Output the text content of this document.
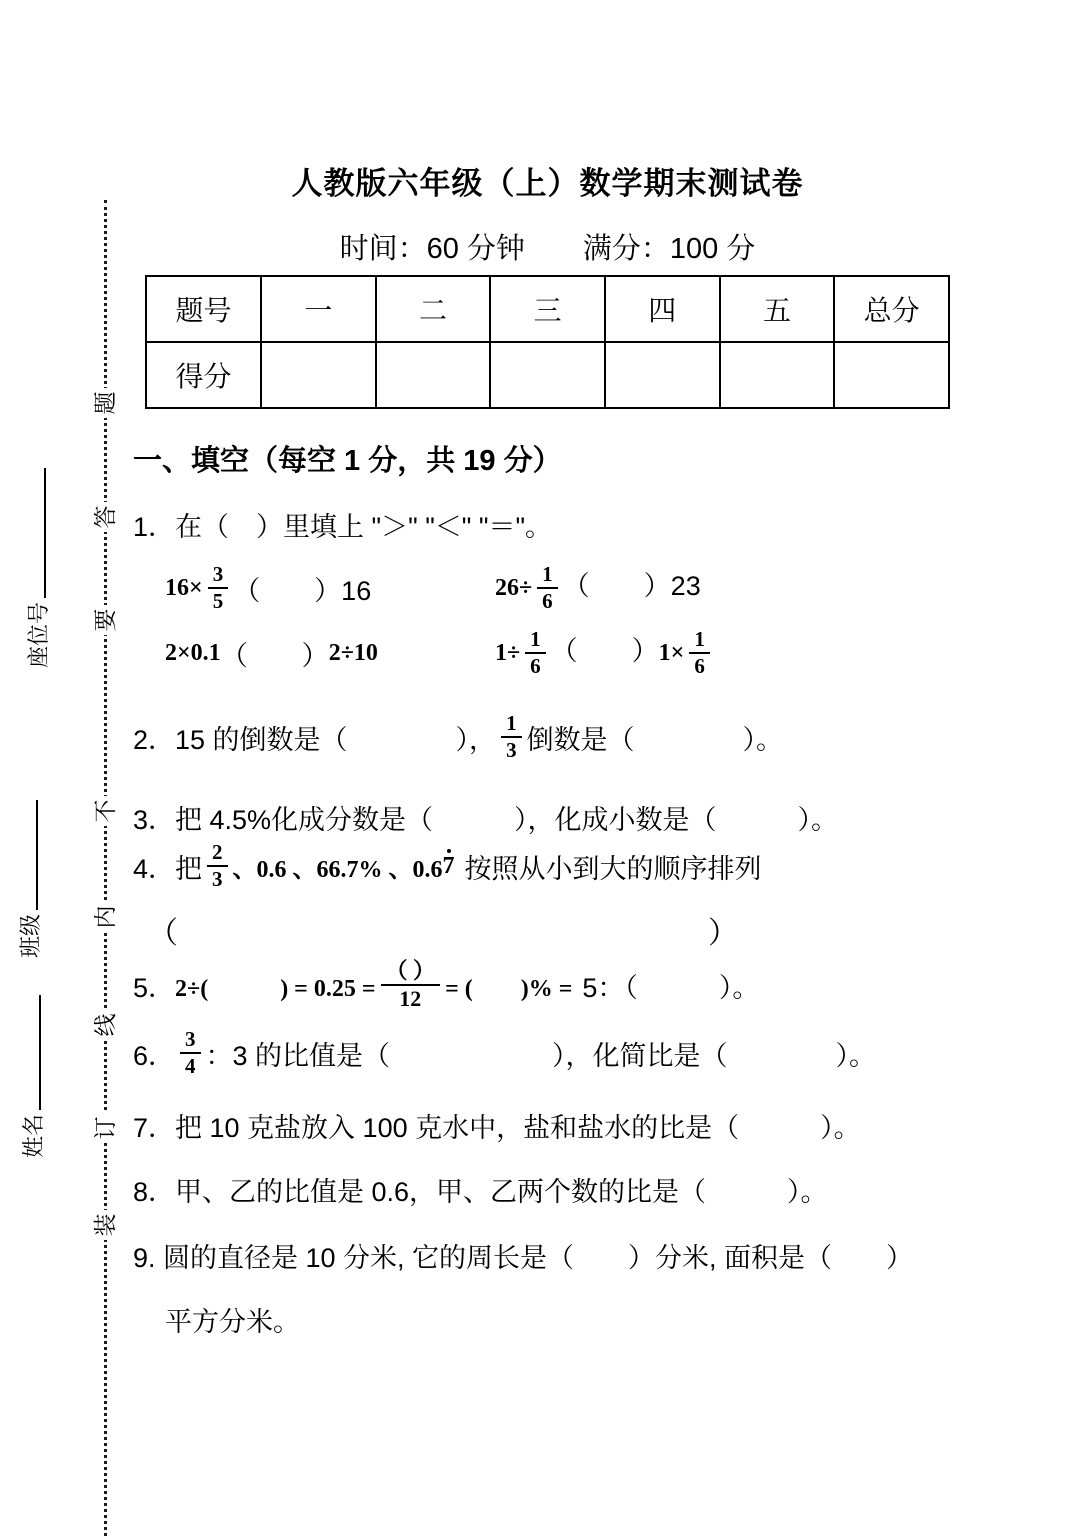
题
答
要
不
内
线
订
装
座位号
班级
姓名
人教版六年级（上）数学期末测试卷
时间：60 分钟　　满分：100 分
题号	一	二	三	四	五	总分
得分						
一、填空（每空 1 分，共 19 分）
1．在（　）里填上 "＞" "＜" "＝"。
$16\times \frac{3}{5}$ （　　）16	$26\div \frac{1}{6}$ （　　）23
2×0.1 （　　） 2÷10	$1\div \frac{1}{6}$ （　　）$1\times \frac{1}{6}$
2．15 的倒数是（　　　　）， $\frac{1}{3}$ 倒数是（　　　　）。
3．把 4.5%化成分数是（　　　），化成小数是（　　　）。
4．把 $\frac{2}{3}$ 、0.6 、66.7% 、0.6 7 按照从小到大的顺序排列
（	）
5． 2÷(　　　) = $0.25 = \frac{( )}{12}$ = (　　)% = 5：（　　　）。
6． $\frac{3}{4}$ ：3 的比值是（　　　　　　），化简比是（　　　　）。
7．把 10 克盐放入 100 克水中，盐和盐水的比是（　　　）。
8．甲、乙的比值是 0.6，甲、乙两个数的比是（　　　）。
9. 圆的直径是 10 分米, 它的周长是（　　）分米, 面积是（　　）
平方分米。
